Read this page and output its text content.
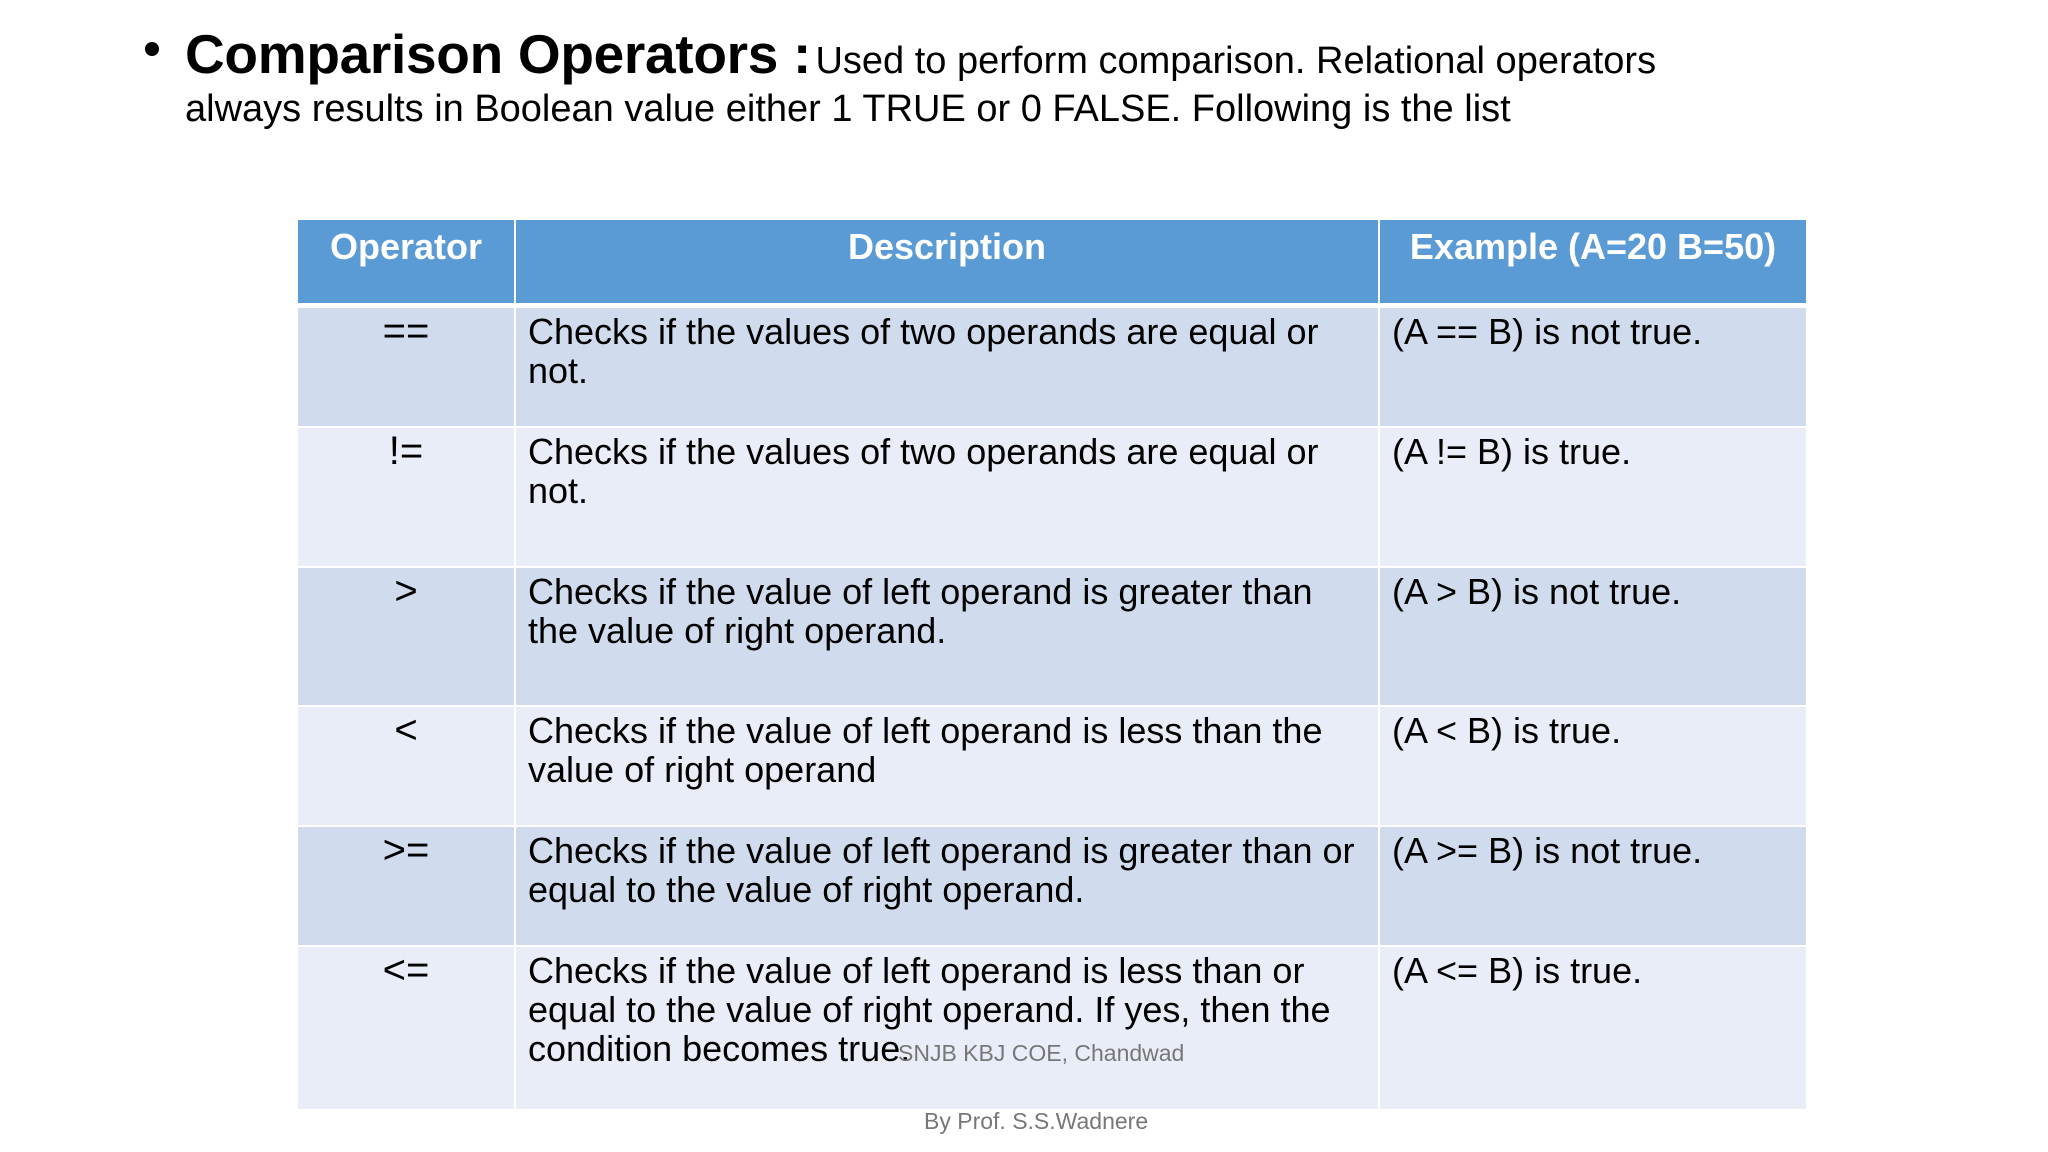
Comparison Operators : Used to perform comparison. Relational operators
always results in Boolean value either 1 TRUE or 0 FALSE. Following is the list
Operator	Description	Example (A=20 B=50)
==	Checks if the values of two operands are equal or not.	(A == B) is not true.
!=	Checks if the values of two operands are equal or not.	(A != B) is true.
>	Checks if the value of left operand is greater than the value of right operand.	(A > B) is not true.
<	Checks if the value of left operand is less than the value of right operand	(A < B) is true.
>=	Checks if the value of left operand is greater than or equal to the value of right operand.	(A >= B) is not true.
<=	Checks if the value of left operand is less than or equal to the value of right operand. If yes, then the condition becomes true.	(A <= B) is true.
SNJB KBJ COE, Chandwad
By Prof. S.S.Wadnere
